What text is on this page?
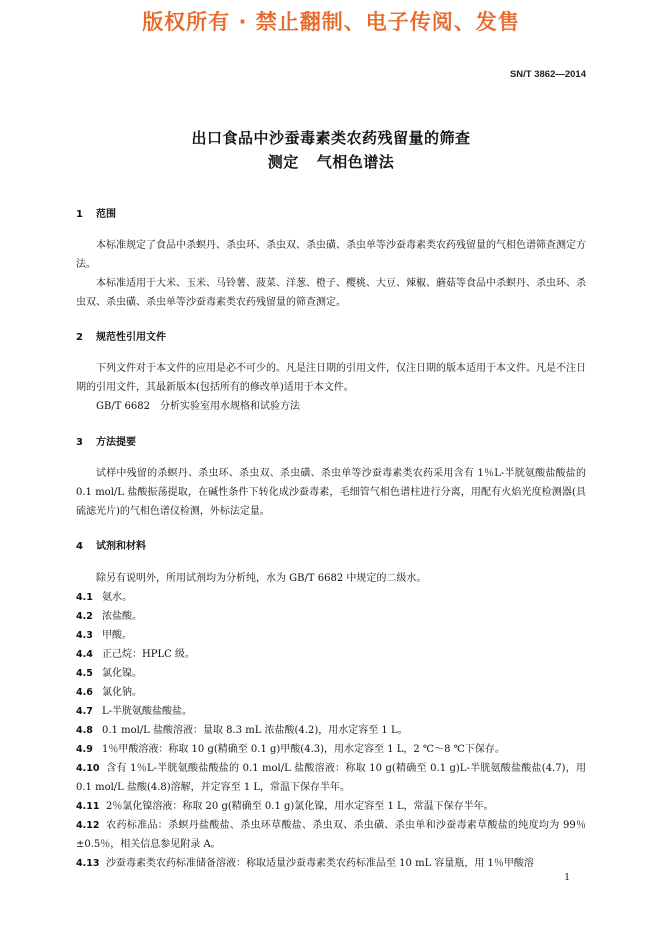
版权所有 · 禁止翻制、电子传阅、发售
SN/T 3862—2014
出口食品中沙蚕毒素类农药残留量的筛查
测定 气相色谱法
1 范围
本标准规定了食品中杀螟丹、杀虫环、杀虫双、杀虫磺、杀虫单等沙蚕毒素类农药残留量的气相色谱筛查测定方法。
本标准适用于大米、玉米、马铃薯、菠菜、洋葱、橙子、樱桃、大豆、辣椒、蘑菇等食品中杀螟丹、杀虫环、杀虫双、杀虫磺、杀虫单等沙蚕毒素类农药残留量的筛查测定。
2 规范性引用文件
下列文件对于本文件的应用是必不可少的。凡是注日期的引用文件，仅注日期的版本适用于本文件。凡是不注日期的引用文件，其最新版本(包括所有的修改单)适用于本文件。
GB/T 6682　分析实验室用水规格和试验方法
3 方法提要
试样中残留的杀螟丹、杀虫环、杀虫双、杀虫磺、杀虫单等沙蚕毒素类农药采用含有 1％L-半胱氨酸盐酸盐的 0.1 mol/L 盐酸振荡提取，在碱性条件下转化成沙蚕毒素，毛细管气相色谱柱进行分离，用配有火焰光度检测器(具硫滤光片)的气相色谱仪检测，外标法定量。
4 试剂和材料
除另有说明外，所用试剂均为分析纯，水为 GB/T 6682 中规定的二级水。
4.1 氨水。
4.2 浓盐酸。
4.3 甲酸。
4.4 正己烷：HPLC 级。
4.5 氯化镍。
4.6 氯化钠。
4.7 L-半胱氨酸盐酸盐。
4.8 0.1 mol/L 盐酸溶液：量取 8.3 mL 浓盐酸(4.2)，用水定容至 1 L。
4.9 1％甲酸溶液：称取 10 g(精确至 0.1 g)甲酸(4.3)，用水定容至 1 L，2 ℃～8 ℃下保存。
4.10 含有 1％L-半胱氨酸盐酸盐的 0.1 mol/L 盐酸溶液：称取 10 g(精确至 0.1 g)L-半胱氨酸盐酸盐(4.7)，用 0.1 mol/L 盐酸(4.8)溶解，并定容至 1 L，常温下保存半年。
4.11 2％氯化镍溶液：称取 20 g(精确至 0.1 g)氯化镍，用水定容至 1 L，常温下保存半年。
4.12 农药标准品：杀螟丹盐酸盐、杀虫环草酸盐、杀虫双、杀虫磺、杀虫单和沙蚕毒素草酸盐的纯度均为 99％±0.5％，相关信息参见附录 A。
4.13 沙蚕毒素类农药标准储备溶液：称取适量沙蚕毒素类农药标准品至 10 mL 容量瓶，用 1％甲酸溶
1
